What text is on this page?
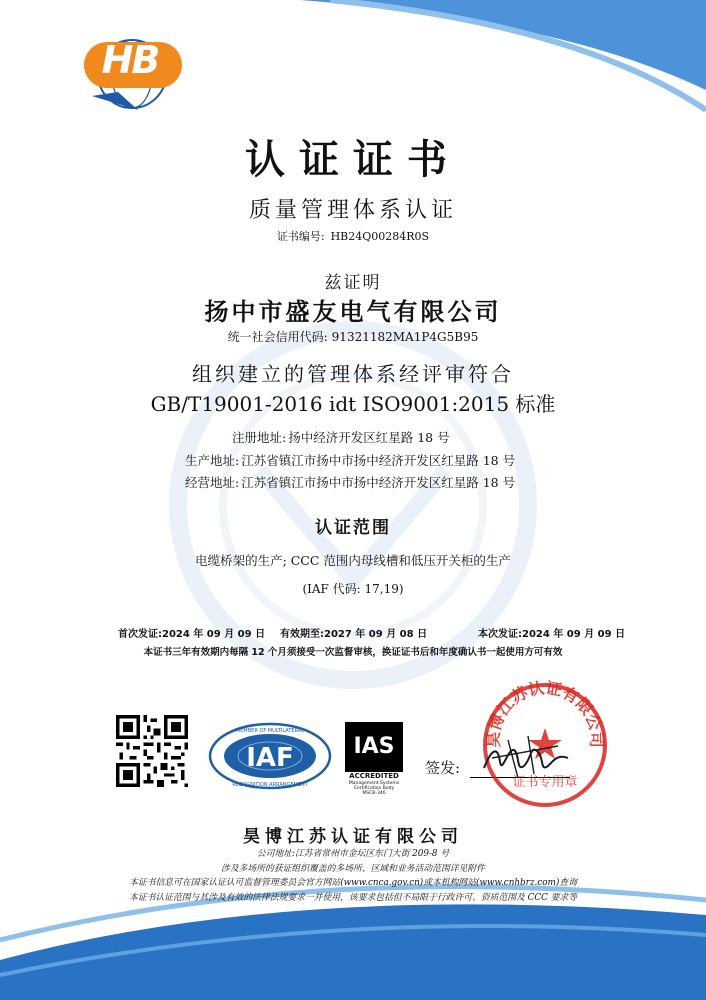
HB
认证证书
质量管理体系认证
证书编号: HB24Q00284R0S
兹证明
扬中市盛友电气有限公司
统一社会信用代码: 91321182MA1P4G5B95
组织建立的管理体系经评审符合
GB/T19001-2016 idt ISO9001:2015 标准
注册地址: 扬中经济开发区红星路 18 号
生产地址: 江苏省镇江市扬中市扬中经济开发区红星路 18 号
经营地址: 江苏省镇江市扬中市扬中经济开发区红星路 18 号
认证范围
电缆桥架的生产; CCC 范围内母线槽和低压开关柜的生产
(IAF 代码: 17,19)
首次发证:2024 年 09 月 09 日 有效期至:2027 年 09 月 08 日	本次发证:2024 年 09 月 09 日
本证书三年有效期内每隔 12 个月须接受一次监督审核，换证证书后和年度确认书一起使用方可有效
IAF
MEMBER OF MULTILATERAL
RECOGNITION ARRANGEMENT
IAS
ACCREDITED
Management Systems
Certification Body
MSCB-346
签发:
昊博江苏认证有限公司
证书专用章
昊博江苏认证有限公司
公司地址:江苏省常州市金坛区东门大街 209-8 号
涉及多场所的获证组织覆盖的多场所、区域和业务活动范围详见附件
本证书信息可在国家认证认可监督管理委员会官方网站(www.cnca.gov.cn)或本机构网站(www.cnhbrz.com)查询
本证书认证范围与其涉及有效的法律法规要求一并使用，该要求包括但不局限于行政许可、资质范围及 CCC 要求等
